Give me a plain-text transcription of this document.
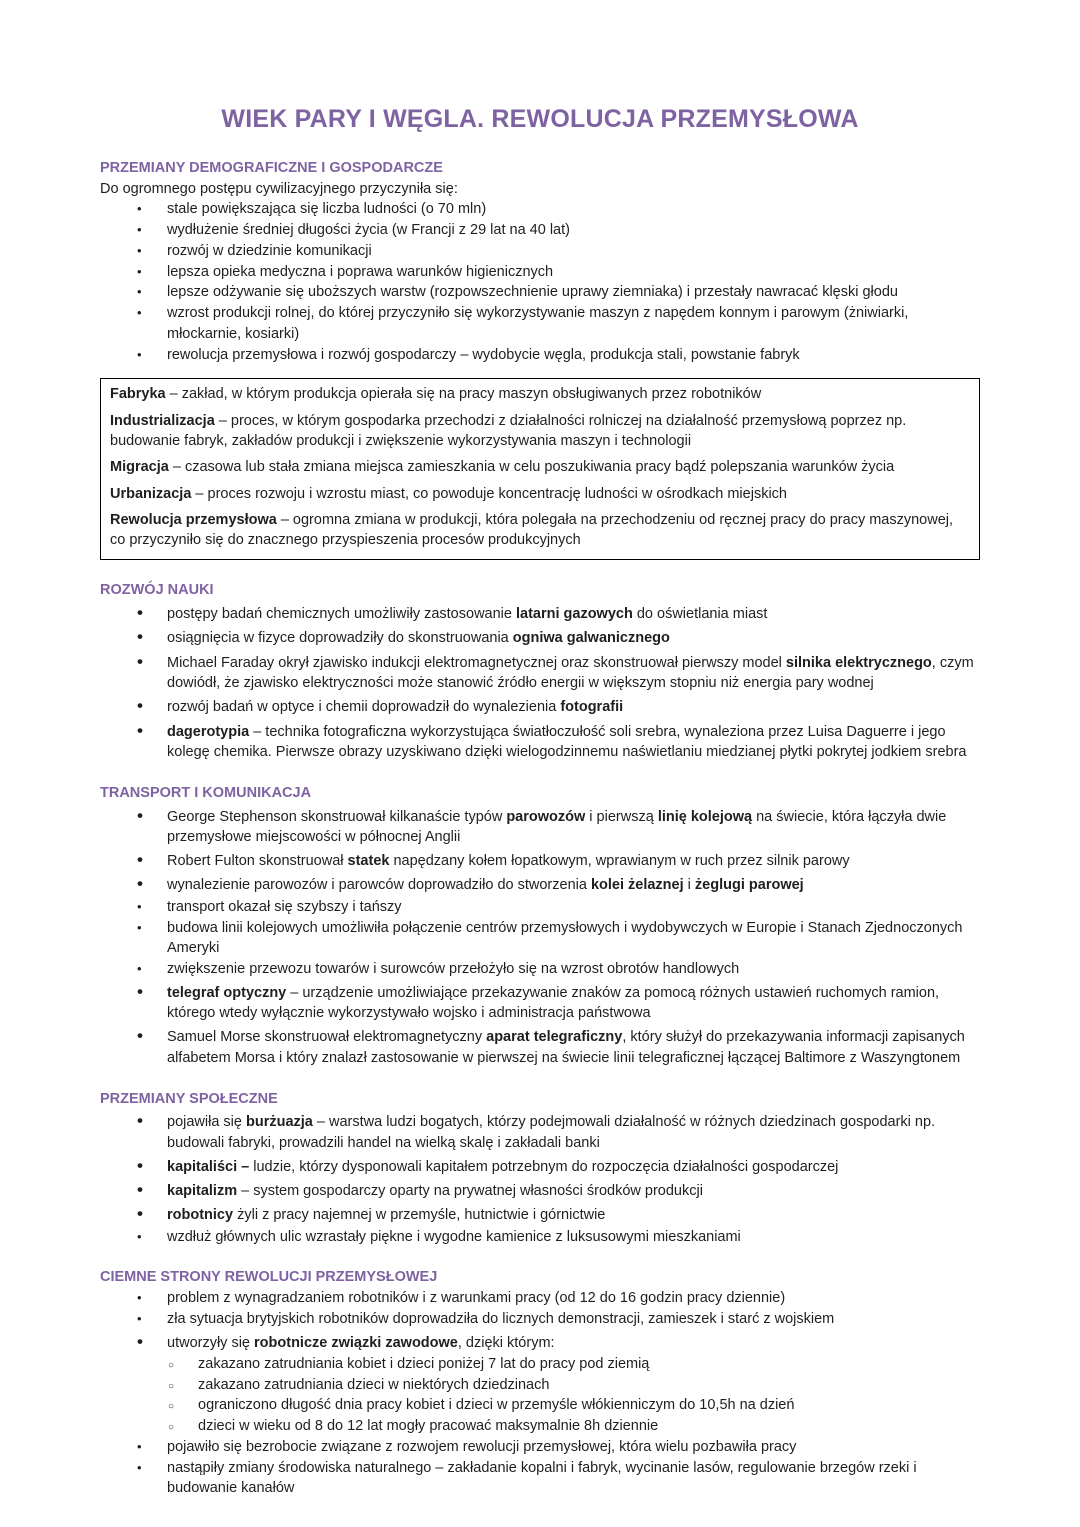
WIEK PARY I WĘGLA. REWOLUCJA PRZEMYSŁOWA
PRZEMIANY DEMOGRAFICZNE I GOSPODARCZE

Do ogromnego postępu cywilizacyjnego przyczyniła się:

•	stale powiększająca się liczba ludności (o 70 mln)
•	wydłużenie średniej długości życia (w Francji z 29 lat na 40 lat)
•	rozwój w dziedzinie komunikacji
•	lepsza opieka medyczna i poprawa warunków higienicznych
•	lepsze odżywanie się uboższych warstw (rozpowszechnienie uprawy ziemniaka) i przestały nawracać klęski głodu
•	wzrost produkcji rolnej, do której przyczyniło się wykorzystywanie maszyn z napędem konnym i parowym (żniwiarki, młockarnie, kosiarki)
•	rewolucja przemysłowa i rozwój gospodarczy – wydobycie węgla, produkcja stali, powstanie fabryk
Fabryka – zakład, w którym produkcja opierała się na pracy maszyn obsługiwanych przez robotników
Industrializacja – proces, w którym gospodarka przechodzi z działalności rolniczej na działalność przemysłową poprzez np. budowanie fabryk, zakładów produkcji i zwiększenie wykorzystywania maszyn i technologii
Migracja – czasowa lub stała zmiana miejsca zamieszkania w celu poszukiwania pracy bądź polepszania warunków życia
Urbanizacja – proces rozwoju i wzrostu miast, co powoduje koncentrację ludności w ośrodkach miejskich
Rewolucja przemysłowa – ogromna zmiana w produkcji, która polegała na przechodzeniu od ręcznej pracy do pracy maszynowej, co przyczyniło się do znacznego przyspieszenia procesów produkcyjnych
ROZWÓJ NAUKI
•	postępy badań chemicznych umożliwiły zastosowanie latarni gazowych do oświetlania miast
•	osiągnięcia w fizyce doprowadziły do skonstruowania ogniwa galwanicznego
•	Michael Faraday okrył zjawisko indukcji elektromagnetycznej oraz skonstruował pierwszy model silnika elektrycznego, czym dowiódł, że zjawisko elektryczności może stanowić źródło energii w większym stopniu niż energia pary wodnej
•	rozwój badań w optyce i chemii doprowadził do wynalezienia fotografii
•	dagerotypia – technika fotograficzna wykorzystująca światłoczułość soli srebra, wynaleziona przez Luisa Daguerre i jego kolegę chemika. Pierwsze obrazy uzyskiwano dzięki wielogodzinnemu naświetlaniu miedzianej płytki pokrytej jodkiem srebra
TRANSPORT I KOMUNIKACJA
•	George Stephenson skonstruował kilkanaście typów parowozów i pierwszą linię kolejową na świecie, która łączyła dwie przemysłowe miejscowości w północnej Anglii
•	Robert Fulton skonstruował statek napędzany kołem łopatkowym, wprawianym w ruch przez silnik parowy
•	wynalezienie parowozów i parowców doprowadziło do stworzenia kolei żelaznej i żeglugi parowej
•	transport okazał się szybszy i tańszy
•	budowa linii kolejowych umożliwiła połączenie centrów przemysłowych i wydobywczych w Europie i Stanach Zjednoczonych Ameryki
•	zwiększenie przewozu towarów i surowców przełożyło się na wzrost obrotów handlowych
•	telegraf optyczny – urządzenie umożliwiające przekazywanie znaków za pomocą różnych ustawień ruchomych ramion, którego wtedy wyłącznie wykorzystywało wojsko i administracja państwowa
•	Samuel Morse skonstruował elektromagnetyczny aparat telegraficzny, który służył do przekazywania informacji zapisanych alfabetem Morsa i który znalazł zastosowanie w pierwszej na świecie linii telegraficznej łączącej Baltimore z Waszyngtonem
PRZEMIANY SPOŁECZNE
•	pojawiła się burżuazja – warstwa ludzi bogatych, którzy podejmowali działalność w różnych dziedzinach gospodarki np. budowali fabryki, prowadzili handel na wielką skalę i zakładali banki
•	kapitaliści – ludzie, którzy dysponowali kapitałem potrzebnym do rozpoczęcia działalności gospodarczej
•	kapitalizm – system gospodarczy oparty na prywatnej własności środków produkcji
•	robotnicy żyli z pracy najemnej w przemyśle, hutnictwie i górnictwie
•	wzdłuż głównych ulic wzrastały piękne i wygodne kamienice z luksusowymi mieszkaniami
CIEMNE STRONY REWOLUCJI PRZEMYSŁOWEJ
•	problem z wynagradzaniem robotników i z warunkami pracy (od 12 do 16 godzin pracy dziennie)
•	zła sytuacja brytyjskich robotników doprowadziła do licznych demonstracji, zamieszek i starć z wojskiem
•	utworzyły się robotnicze związki zawodowe, dzięki którym:
○	zakazano zatrudniania kobiet i dzieci poniżej 7 lat do pracy pod ziemią
○	zakazano zatrudniania dzieci w niektórych dziedzinach
○	ograniczono długość dnia pracy kobiet i dzieci w przemyśle włókienniczym do 10,5h na dzień
○	dzieci w wieku od 8 do 12 lat mogły pracować maksymalnie 8h dziennie
•	pojawiło się bezrobocie związane z rozwojem rewolucji przemysłowej, która wielu pozbawiła pracy
•	nastąpiły zmiany środowiska naturalnego – zakładanie kopalni i fabryk, wycinanie lasów, regulowanie brzegów rzeki i budowanie kanałów
